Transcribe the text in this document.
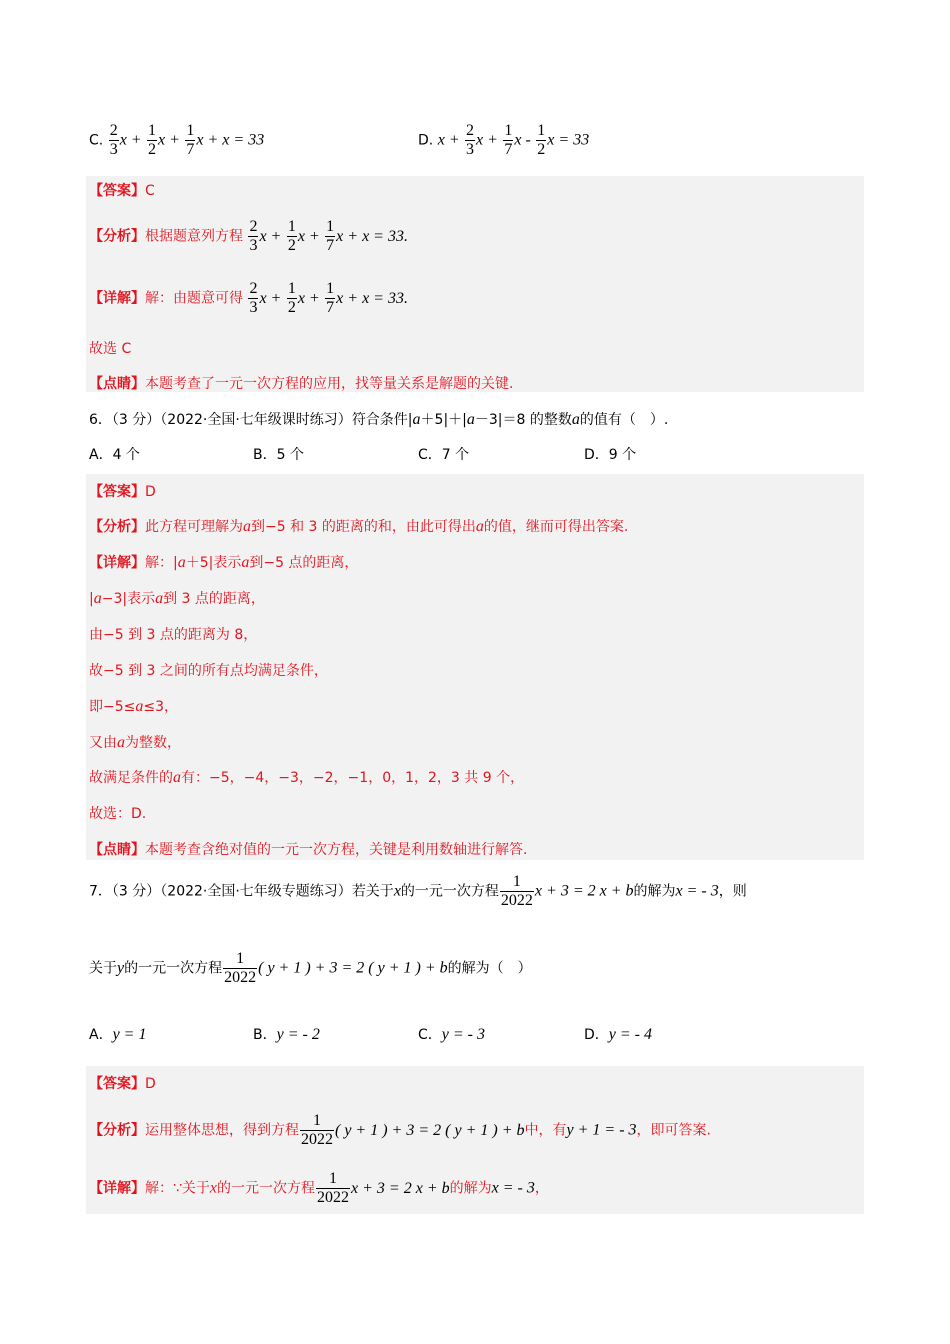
C. $\frac{2}{3}$ $x + \frac{1}{2}$ $x + \frac{1}{7}$ x + x = 33	D. $x + \frac{2}{3}$ $x + \frac{1}{7}$ x - $\frac{1}{2}$ x = 33
【答案】C
【分析】根据题意列方程 $\frac{2}{3}$ $x + \frac{1}{2}$ $x + \frac{1}{7}$ x + x = 33.
【详解】解：由题意可得 $\frac{2}{3}$ $x + \frac{1}{2}$ $x + \frac{1}{7}$ x + x = 33.
故选 C
【点睛】本题考查了一元一次方程的应用，找等量关系是解题的关键.
6．（3 分）（2022·全国·七年级课时练习）符合条件|a＋5|＋|a－3|＝8 的整数a的值有（　）.
A．4 个	B．5 个	C．7 个	D．9 个
【答案】D
【分析】此方程可理解为a到−5 和 3 的距离的和，由此可得出a的值，继而可得出答案.
【详解】解：|a＋5|表示a到−5 点的距离，
|a−3|表示a到 3 点的距离，
由−5 到 3 点的距离为 8，
故−5 到 3 之间的所有点均满足条件，
即−5≤a≤3，
又由a为整数，
故满足条件的a有：−5，−4，−3，−2，−1，0，1，2，3 共 9 个，
故选：D.
【点睛】本题考查含绝对值的一元一次方程，关键是利用数轴进行解答.
7．（3 分）（2022·全国·七年级专题练习）若关于x的一元一次方程 $\frac{1}{2022}$ x + 3 = 2 x + b的解为x = - 3，则
关于y的一元一次方程 $\frac{1}{2022}$ ( y + 1 ) + 3 = 2 ( y + 1 ) + b的解为（　）
A．y = 1	B．y = - 2	C．y = - 3	D．y = - 4
【答案】D
【分析】运用整体思想，得到方程 $\frac{1}{2022}$ ( y + 1 ) + 3 = 2 ( y + 1 ) + b中，有y + 1 = - 3，即可答案.
【详解】解：∵关于x的一元一次方程 $\frac{1}{2022}$ x + 3 = 2 x + b的解为x = - 3，
